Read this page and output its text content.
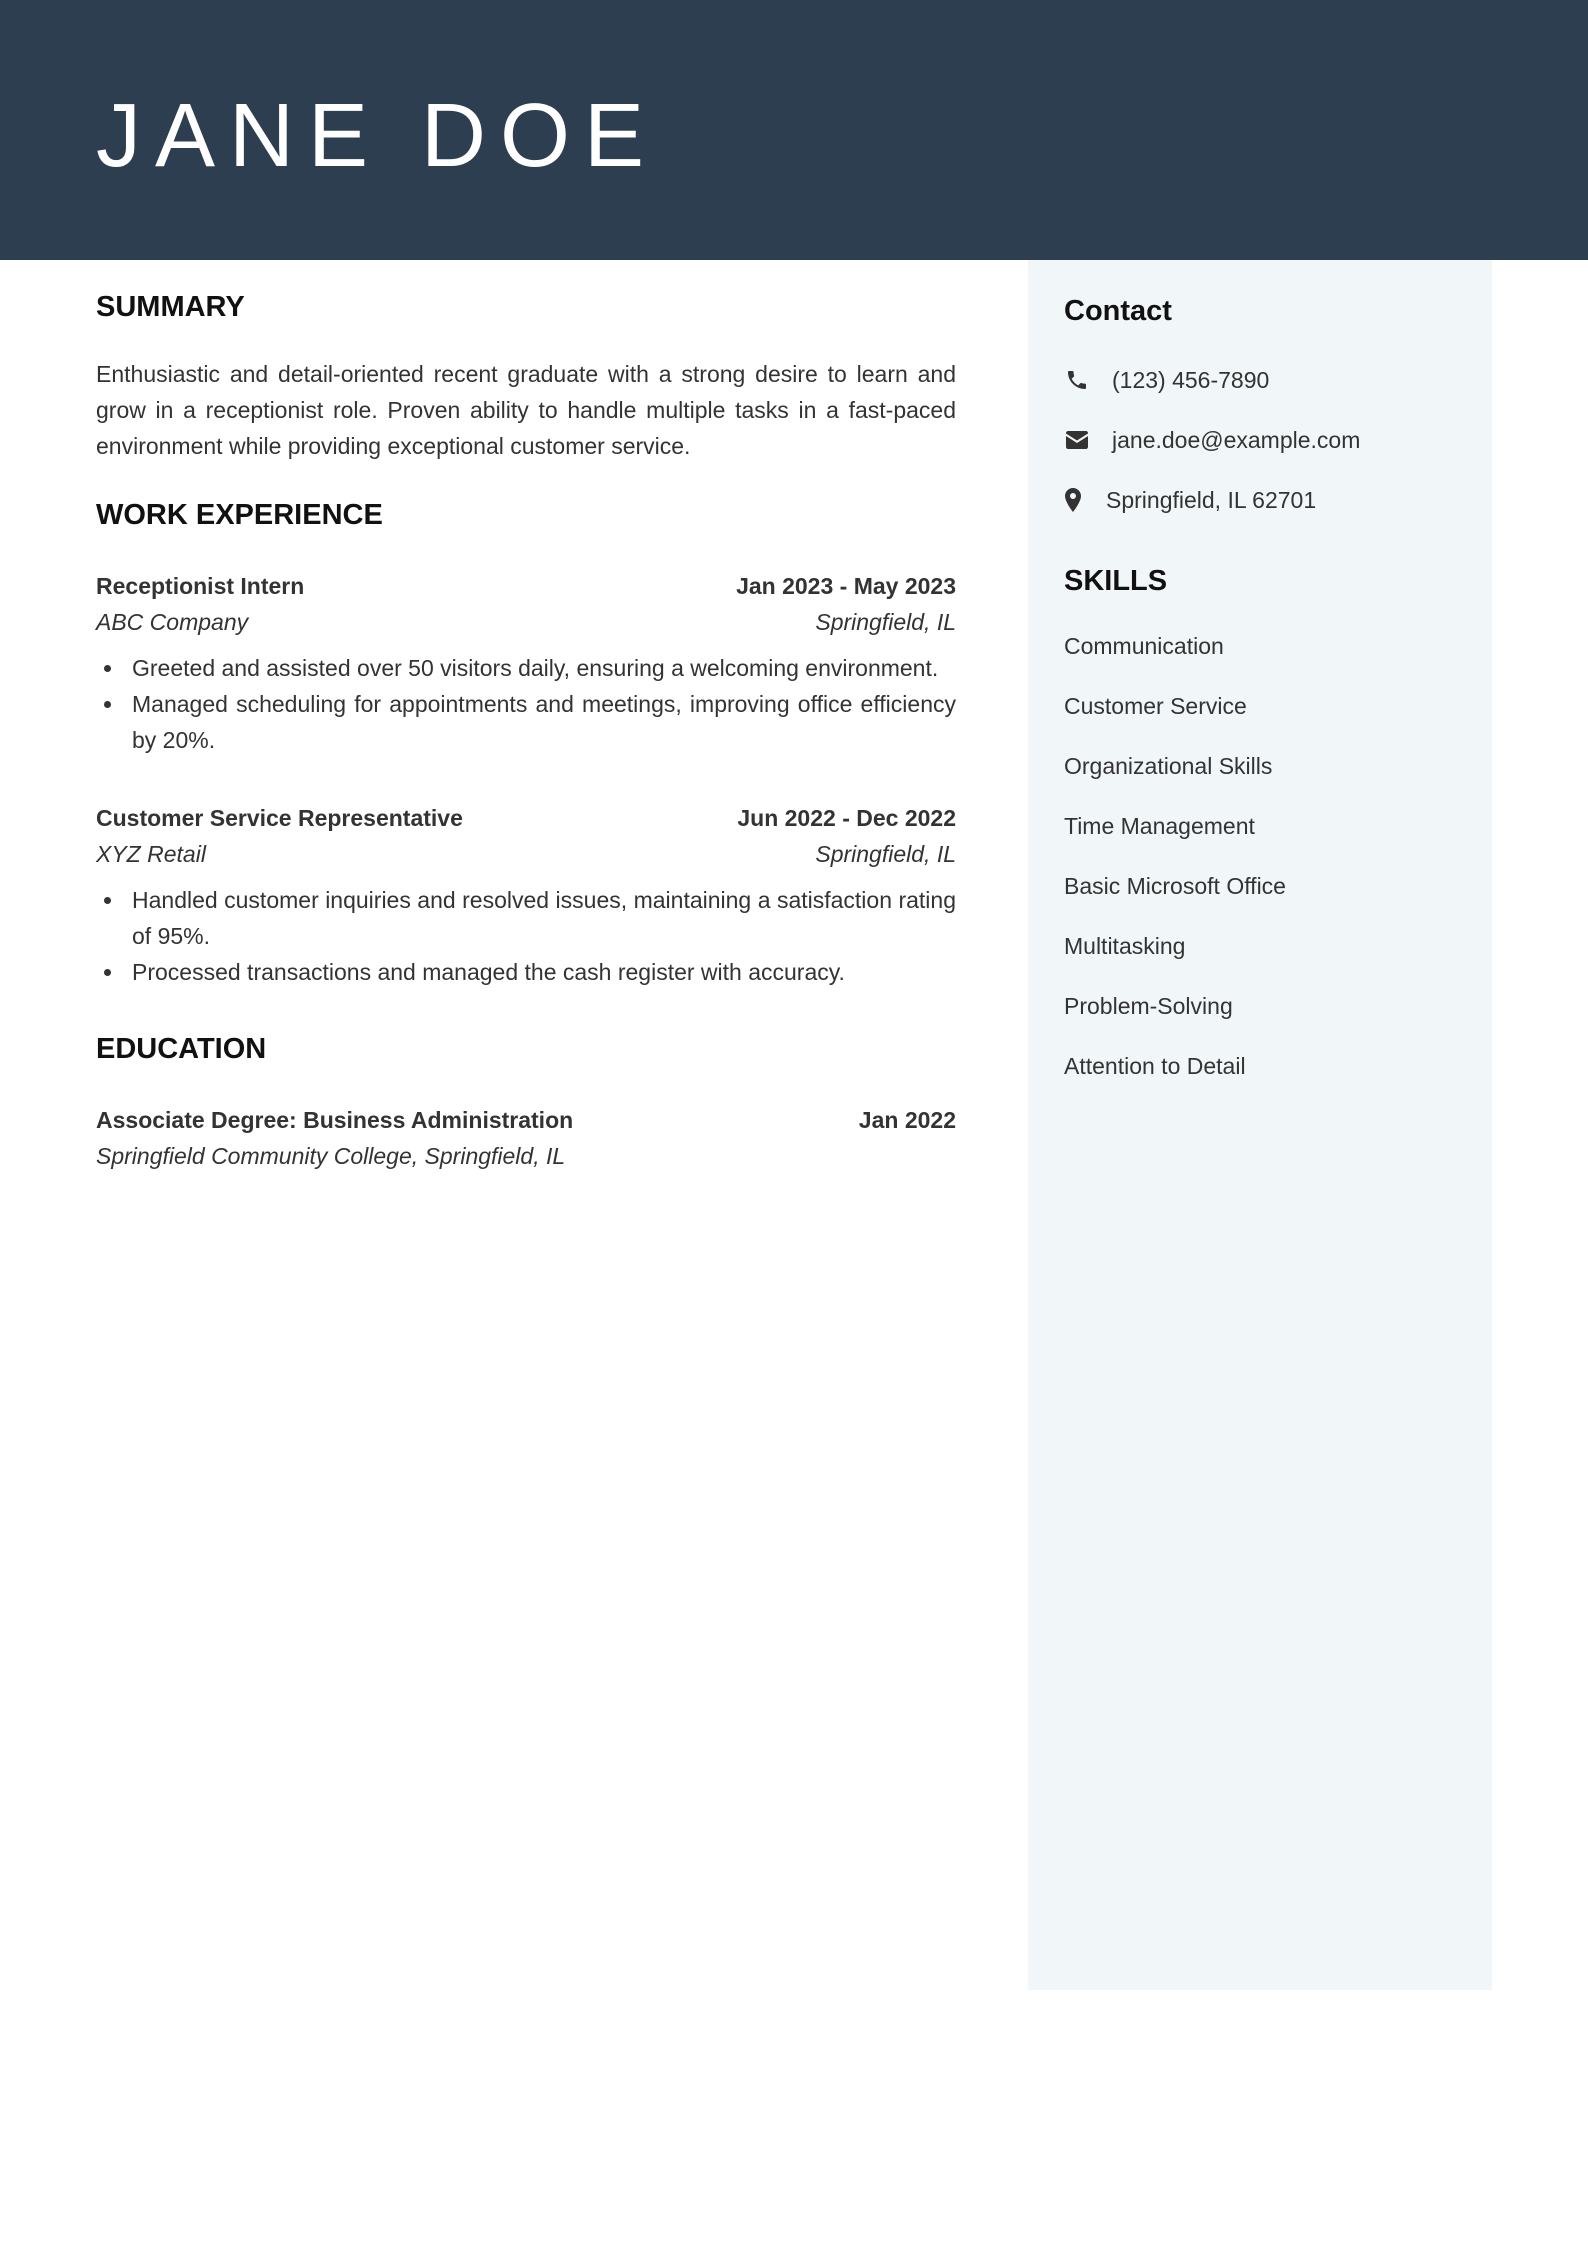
JANE DOE
SUMMARY

Enthusiastic and detail-oriented recent graduate with a strong desire to learn and grow in a receptionist role. Proven ability to handle multiple tasks in a fast-paced environment while providing exceptional customer service.

WORK EXPERIENCE
Receptionist Intern	Jan 2023 - May 2023
ABC Company	Springfield, IL
Greeted and assisted over 50 visitors daily, ensuring a welcoming environment.
Managed scheduling for appointments and meetings, improving office efficiency by 20%.
Customer Service Representative	Jun 2022 - Dec 2022
XYZ Retail	Springfield, IL
Handled customer inquiries and resolved issues, maintaining a satisfaction rating of 95%.
Processed transactions and managed the cash register with accuracy.
EDUCATION
Associate Degree: Business Administration	Jan 2022
Springfield Community College, Springfield, IL
Contact
(123) 456-7890
jane.doe@example.com
Springfield, IL 62701
SKILLS
Communication
Customer Service
Organizational Skills
Time Management
Basic Microsoft Office
Multitasking
Problem-Solving
Attention to Detail
